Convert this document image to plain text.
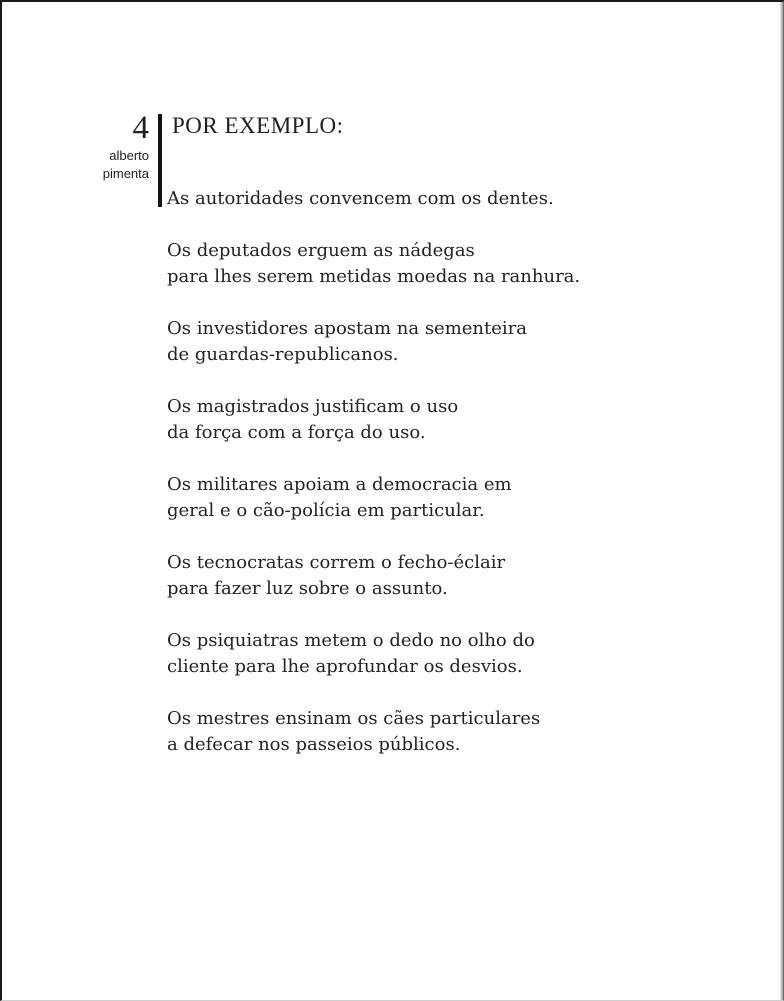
4
alberto
pimenta
POR EXEMPLO:
As autoridades convencem com os dentes.
Os deputados erguem as nádegas
para lhes serem metidas moedas na ranhura.
Os investidores apostam na sementeira
de guardas-republicanos.
Os magistrados justificam o uso
da força com a força do uso.
Os militares apoiam a democracia em
geral e o cão-polícia em particular.
Os tecnocratas correm o fecho-éclair
para fazer luz sobre o assunto.
Os psiquiatras metem o dedo no olho do
cliente para lhe aprofundar os desvios.
Os mestres ensinam os cães particulares
a defecar nos passeios públicos.
